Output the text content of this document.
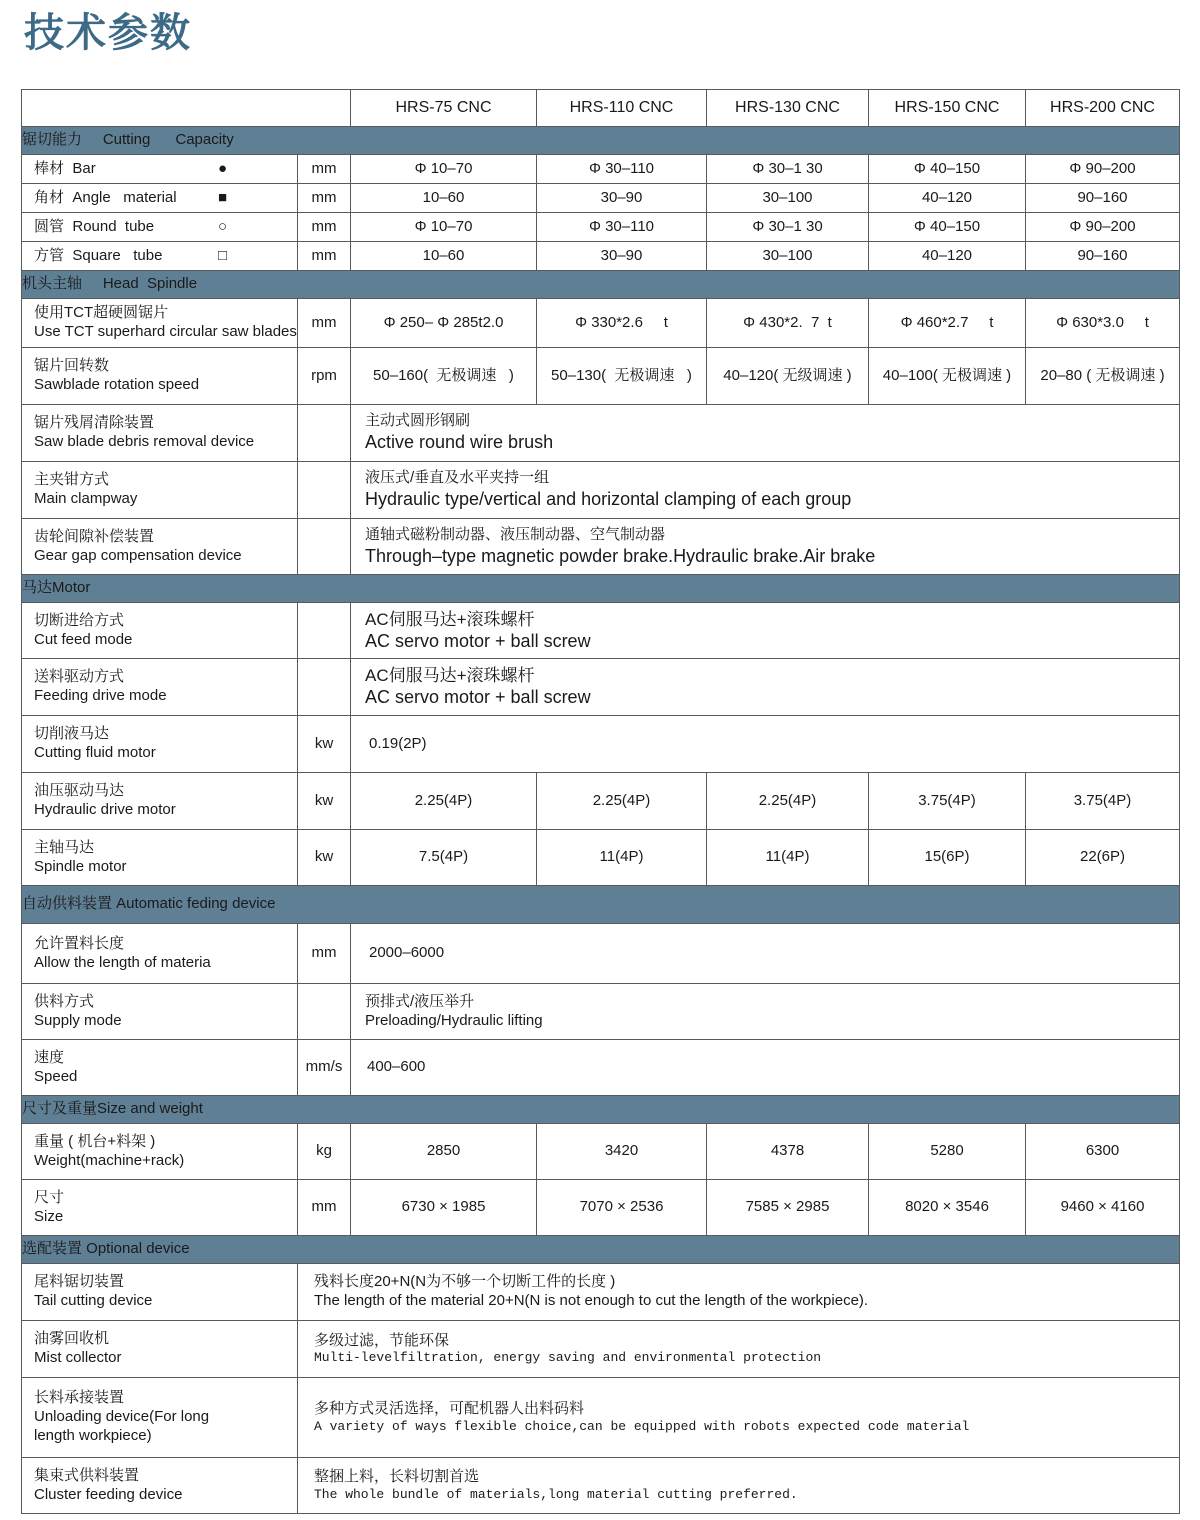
技术参数
		HRS-75 CNC	HRS-110 CNC	HRS-130 CNC	HRS-150 CNC	HRS-200 CNC
锯切能力     Cutting      Capacity						
棒材 Bar ●	mm	Φ 10–70	Φ 30–110	Φ 30–1 30	Φ 40–150	Φ 90–200
角材 Angle   material ■	mm	10–60	30–90	30–100	40–120	90–160
圆管 Round  tube ○	mm	Φ 10–70	Φ 30–110	Φ 30–1 30	Φ 40–150	Φ 90–200
方管 Square   tube □	mm	10–60	30–90	30–100	40–120	90–160
机头主轴     Head  Spindle						

使用TCT超硬圆锯片
Use TCT superhard circular saw blades	mm	Φ 250– Φ 285t2.0	Φ 330*2.6     t	Φ 430*2.  7  t	Φ 460*2.7     t	Φ 630*3.0     t

锯片回转数
Sawblade rotation speed	rpm	50–160(  无极调速   )	50–130(  无极调速   )	40–120( 无级调速 )	40–100( 无极调速 )	20–80 ( 无极调速 )

锯片残屑清除装置
Saw blade debris removal device		主动式圆形钢刷
Active round wire brush				

主夹钳方式
Main clampway		液压式/垂直及水平夹持一组
Hydraulic type/vertical and horizontal clamping of each group				

齿轮间隙补偿装置
Gear gap compensation device		通轴式磁粉制动器、液压制动器、空气制动器
Through–type magnetic powder brake.Hydraulic brake.Air brake				

马达Motor						

切断进给方式
Cut feed mode		AC伺服马达+滚珠螺杆
AC servo motor + ball screw				

送料驱动方式
Feeding drive mode		AC伺服马达+滚珠螺杆
AC servo motor + ball screw				

切削液马达
Cutting fluid motor	kw	0.19(2P)				

油压驱动马达
Hydraulic drive motor	kw	2.25(4P)	2.25(4P)	2.25(4P)	3.75(4P)	3.75(4P)

主轴马达
Spindle motor	kw	7.5(4P)	11(4P)	11(4P)	15(6P)	22(6P)
自动供料装置 Automatic feding device						

允许置料长度
Allow the length of materia	mm	2000–6000				

供料方式
Supply mode		预排式/液压举升
Preloading/Hydraulic lifting				

速度
Speed	mm/s	400–600				
尺寸及重量Size and weight						

重量 ( 机台+料架 )
Weight(machine+rack)	kg	2850	3420	4378	5280	6300

尺寸
Size	mm	6730 × 1985	7070 × 2536	7585 × 2985	8020 × 3546	9460 × 4160
选配装置 Optional device						

尾料锯切装置
Tail cutting device	残料长度20+N(N为不够一个切断工件的长度 )
The length of the material 20+N(N is not enough to cut the length of the workpiece).					

油雾回收机
Mist collector	多级过滤，节能环保
Multi-levelfiltration, energy saving and environmental protection					

长料承接装置
Unloading device(For long length workpiece)	多种方式灵活选择，可配机器人出料码料
A variety of ways flexible choice,can be equipped with robots expected code material					

集束式供料装置
Cluster feeding device	整捆上料，长料切割首选
The whole bundle of materials,long material cutting preferred.					
